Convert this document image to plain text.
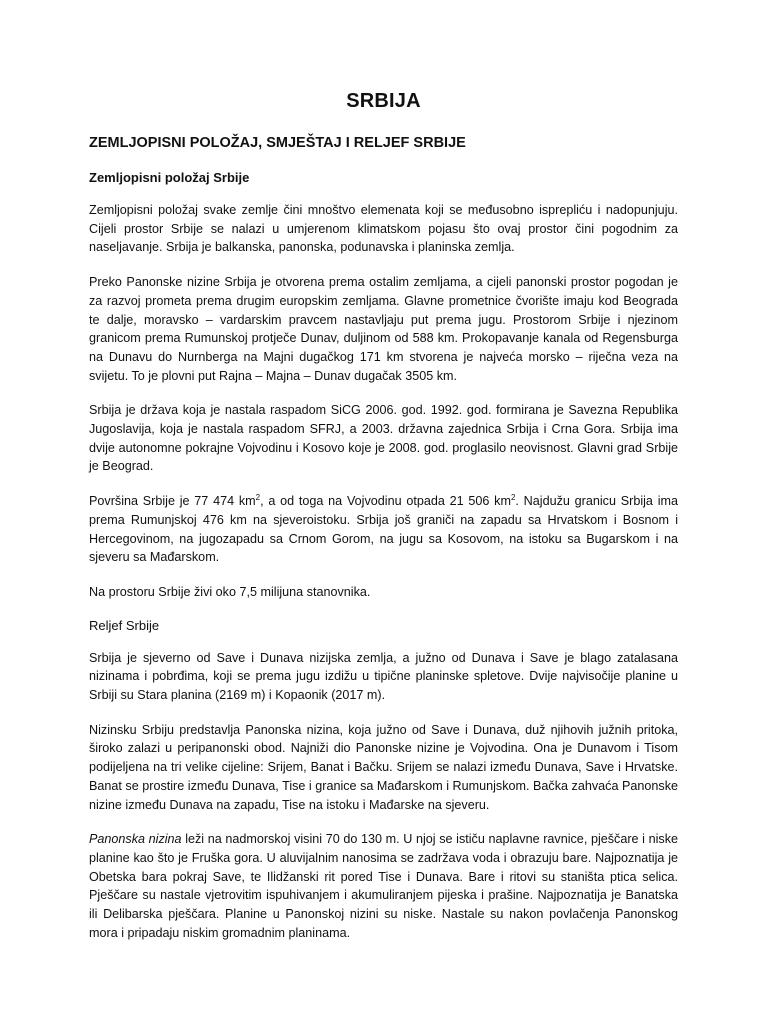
SRBIJA
ZEMLJOPISNI POLOŽAJ, SMJEŠTAJ I RELJEF SRBIJE
Zemljopisni položaj Srbije

Zemljopisni položaj svake zemlje čini mnoštvo elemenata koji se međusobno isprepliću i nadopunjuju. Cijeli prostor Srbije se nalazi u umjerenom klimatskom pojasu što ovaj prostor čini pogodnim za naseljavanje. Srbija je balkanska, panonska, podunavska i planinska zemlja.

Preko Panonske nizine Srbija je otvorena prema ostalim zemljama, a cijeli panonski prostor pogodan je za razvoj prometa prema drugim europskim zemljama. Glavne prometnice čvorište imaju kod Beograda te dalje, moravsko – vardarskim pravcem nastavljaju put prema jugu. Prostorom Srbije i njezinom granicom prema Rumunskoj protječe Dunav, duljinom od 588 km. Prokopavanje kanala od Regensburga na Dunavu do Nurnberga na Majni dugačkog 171 km stvorena je najveća morsko – riječna veza na svijetu. To je plovni put Rajna – Majna – Dunav dugačak 3505 km.

Srbija je država koja je nastala raspadom SiCG 2006. god. 1992. god. formirana je Savezna Republika Jugoslavija, koja je nastala raspadom SFRJ, a 2003. državna zajednica Srbija i Crna Gora. Srbija ima dvije autonomne pokrajne Vojvodinu i Kosovo koje je 2008. god. proglasilo neovisnost. Glavni grad Srbije je Beograd.

Površina Srbije je 77 474 $km^2$, a od toga na Vojvodinu otpada 21 506 $km^2$. Najdužu granicu Srbija ima prema Rumunjskoj 476 km na sjeveroistoku. Srbija još graniči na zapadu sa Hrvatskom i Bosnom i Hercegovinom, na jugozapadu sa Crnom Gorom, na jugu sa Kosovom, na istoku sa Bugarskom i na sjeveru sa Mađarskom.

Na prostoru Srbije živi oko 7,5 milijuna stanovnika.

Reljef Srbije

Srbija je sjeverno od Save i Dunava nizijska zemlja, a južno od Dunava i Save je blago zatalasana nizinama i pobrđima, koji se prema jugu izdižu u tipične planinske spletove. Dvije najvisočije planine u Srbiji su Stara planina (2169 m) i Kopaonik (2017 m).

Nizinsku Srbiju predstavlja Panonska nizina, koja južno od Save i Dunava, duž njihovih južnih pritoka, široko zalazi u peripanonski obod. Najniži dio Panonske nizine je Vojvodina. Ona je Dunavom i Tisom podijeljena na tri velike cijeline: Srijem, Banat i Bačku. Srijem se nalazi između Dunava, Save i Hrvatske. Banat se prostire između Dunava, Tise i granice sa Mađarskom i Rumunjskom. Bačka zahvaća Panonske nizine između Dunava na zapadu, Tise na istoku i Mađarske na sjeveru.

Panonska nizina leži na nadmorskoj visini 70 do 130 m. U njoj se ističu naplavne ravnice, pješčare i niske planine kao što je Fruška gora. U aluvijalnim nanosima se zadržava voda i obrazuju bare. Najpoznatija je Obetska bara pokraj Save, te Ilidžanski rit pored Tise i Dunava. Bare i ritovi su staništa ptica selica. Pješčare su nastale vjetrovitim ispuhivanjem i akumuliranjem pijeska i prašine. Najpoznatija je Banatska ili Delibarska pješčara. Planine u Panonskoj nizini su niske. Nastale su nakon povlačenja Panonskog mora i pripadaju niskim gromadnim planinama.
